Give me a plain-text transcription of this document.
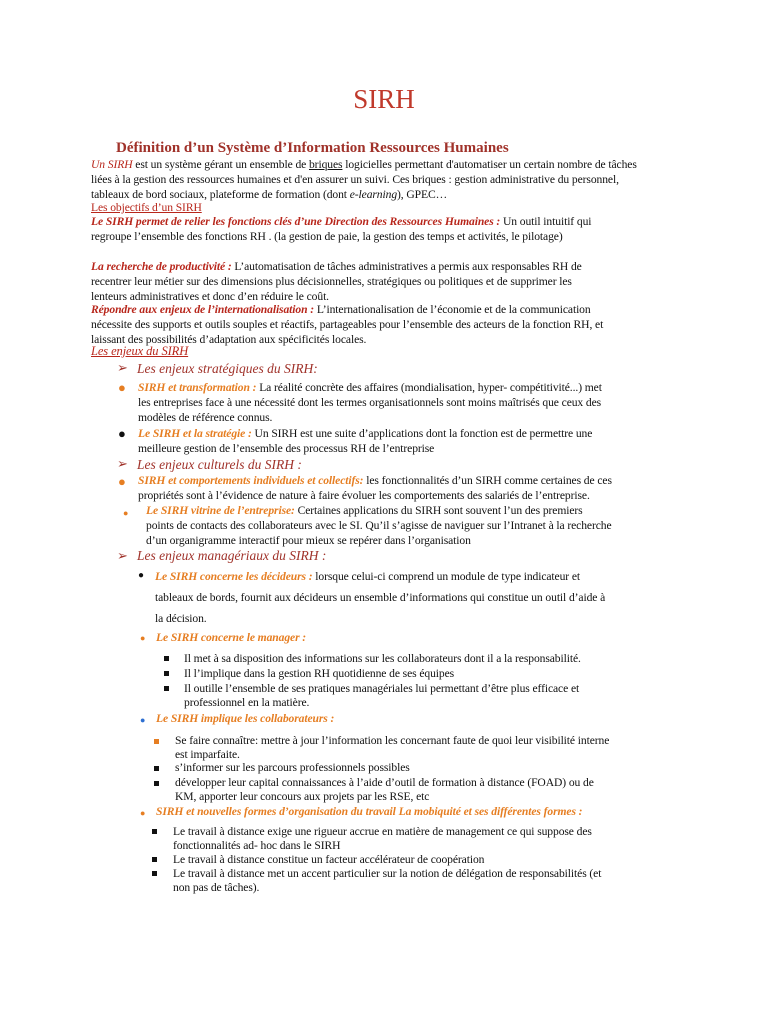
SIRH
Définition d’un Système d’Information Ressources Humaines
Un SIRH est un système gérant un ensemble de briques logicielles permettant d'automatiser un certain nombre de tâches
liées à la gestion des ressources humaines et d'en assurer un suivi. Ces briques : gestion administrative du personnel,
tableaux de bord sociaux, plateforme de formation (dont e-learning), GPEC…
Les objectifs d’un SIRH
Le SIRH permet de relier les fonctions clés d’une Direction des Ressources Humaines : Un outil intuitif qui
regroupe l’ensemble des fonctions RH . (la gestion de paie, la gestion des temps et activités, le pilotage)
La recherche de productivité : L’automatisation de tâches administratives a permis aux responsables RH de
recentrer leur métier sur des dimensions plus décisionnelles, stratégiques ou politiques et de supprimer les
lenteurs administratives et donc d’en réduire le coût.
Répondre aux enjeux de l’internationalisation : L’internationalisation de l’économie et de la communication
nécessite des supports et outils souples et réactifs, partageables pour l’ensemble des acteurs de la fonction RH, et
laissant des possibilités d’adaptation aux spécificités locales.
Les enjeux du SIRH
➢ Les enjeux stratégiques du SIRH:
● SIRH et transformation : La réalité concrète des affaires (mondialisation, hyper- compétitivité...) met
les entreprises face à une nécessité dont les termes organisationnels sont moins maîtrisés que ceux des
modèles de référence connus.
● Le SIRH et la stratégie : Un SIRH est une suite d’applications dont la fonction est de permettre une
meilleure gestion de l’ensemble des processus RH de l’entreprise
➢ Les enjeux culturels du SIRH :
● SIRH et comportements individuels et collectifs: les fonctionnalités d’un SIRH comme certaines de ces
propriétés sont à l’évidence de nature à faire évoluer les comportements des salariés de l’entreprise.
● Le SIRH vitrine de l’entreprise: Certaines applications du SIRH sont souvent l’un des premiers
points de contacts des collaborateurs avec le SI. Qu’il s’agisse de naviguer sur l’Intranet à la recherche
d’un organigramme interactif pour mieux se repérer dans l’organisation
➢ Les enjeux managériaux du SIRH :
● Le SIRH concerne les décideurs : lorsque celui-ci comprend un module de type indicateur et
tableaux de bords, fournit aux décideurs un ensemble d’informations qui constitue un outil d’aide à
la décision.
● Le SIRH concerne le manager :
Il met à sa disposition des informations sur les collaborateurs dont il a la responsabilité.
Il l’implique dans la gestion RH quotidienne de ses équipes
Il outille l’ensemble de ses pratiques managériales lui permettant d’être plus efficace et
professionnel en la matière.
● Le SIRH implique les collaborateurs :
Se faire connaître: mettre à jour l’information les concernant faute de quoi leur visibilité interne
est imparfaite.
s’informer sur les parcours professionnels possibles
développer leur capital connaissances à l’aide d’outil de formation à distance (FOAD) ou de
KM, apporter leur concours aux projets par les RSE, etc
● SIRH et nouvelles formes d’organisation du travail La mobiquité et ses différentes formes :
Le travail à distance exige une rigueur accrue en matière de management ce qui suppose des
fonctionnalités ad- hoc dans le SIRH
Le travail à distance constitue un facteur accélérateur de coopération
Le travail à distance met un accent particulier sur la notion de délégation de responsabilités (et
non pas de tâches).
